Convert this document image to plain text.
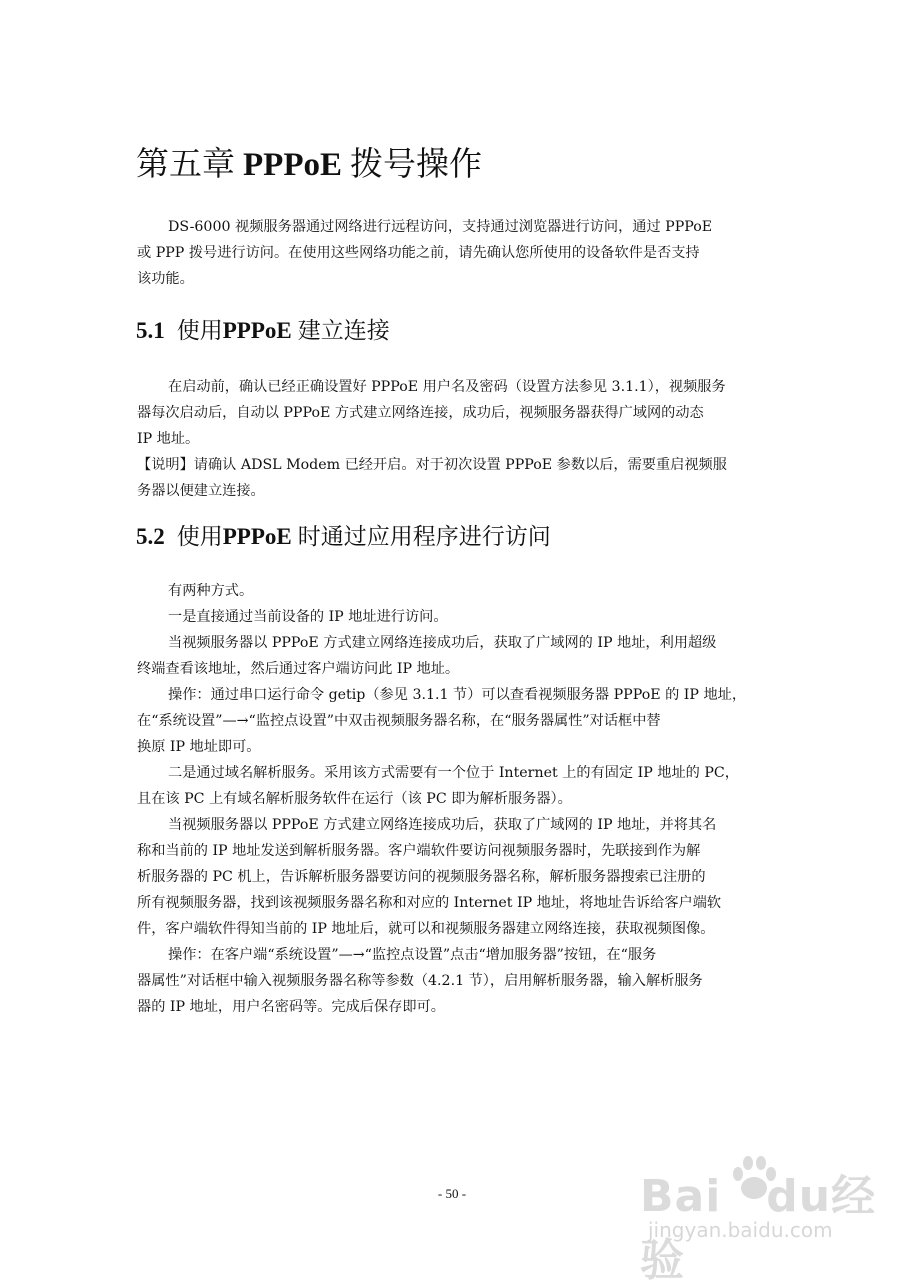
第五章 PPPoE 拨号操作

DS-6000 视频服务器通过网络进行远程访问，支持通过浏览器进行访问，通过 PPPoE

或 PPP 拨号进行访问。在使用这些网络功能之前，请先确认您所使用的设备软件是否支持

该功能。

5.1 使用PPPoE 建立连接

在启动前，确认已经正确设置好 PPPoE 用户名及密码（设置方法参见 3.1.1），视频服务

器每次启动后，自动以 PPPoE 方式建立网络连接，成功后，视频服务器获得广域网的动态

IP 地址。

【说明】请确认 ADSL Modem 已经开启。对于初次设置 PPPoE 参数以后，需要重启视频服

务器以便建立连接。

5.2 使用PPPoE 时通过应用程序进行访问

有两种方式。

一是直接通过当前设备的 IP 地址进行访问。

当视频服务器以 PPPoE 方式建立网络连接成功后，获取了广域网的 IP 地址，利用超级

终端查看该地址，然后通过客户端访问此 IP 地址。

操作：通过串口运行命令 getip（参见 3.1.1 节）可以查看视频服务器 PPPoE 的 IP 地址，

在“系统设置”—→“监控点设置”中双击视频服务器名称，在“服务器属性”对话框中替

换原 IP 地址即可。

二是通过域名解析服务。采用该方式需要有一个位于 Internet 上的有固定 IP 地址的 PC，

且在该 PC 上有域名解析服务软件在运行（该 PC 即为解析服务器）。

当视频服务器以 PPPoE 方式建立网络连接成功后，获取了广域网的 IP 地址，并将其名

称和当前的 IP 地址发送到解析服务器。客户端软件要访问视频服务器时，先联接到作为解

析服务器的 PC 机上，告诉解析服务器要访问的视频服务器名称，解析服务器搜索已注册的

所有视频服务器，找到该视频服务器名称和对应的 Internet IP 地址，将地址告诉给客户端软

件，客户端软件得知当前的 IP 地址后，就可以和视频服务器建立网络连接，获取视频图像。

操作：在客户端“系统设置”—→“监控点设置”点击“增加服务器”按钮，在“服务

器属性”对话框中输入视频服务器名称等参数（4.2.1 节），启用解析服务器，输入解析服务

器的 IP 地址，用户名密码等。完成后保存即可。

- 50 -	Bai du经验
jingyan.baidu.com
